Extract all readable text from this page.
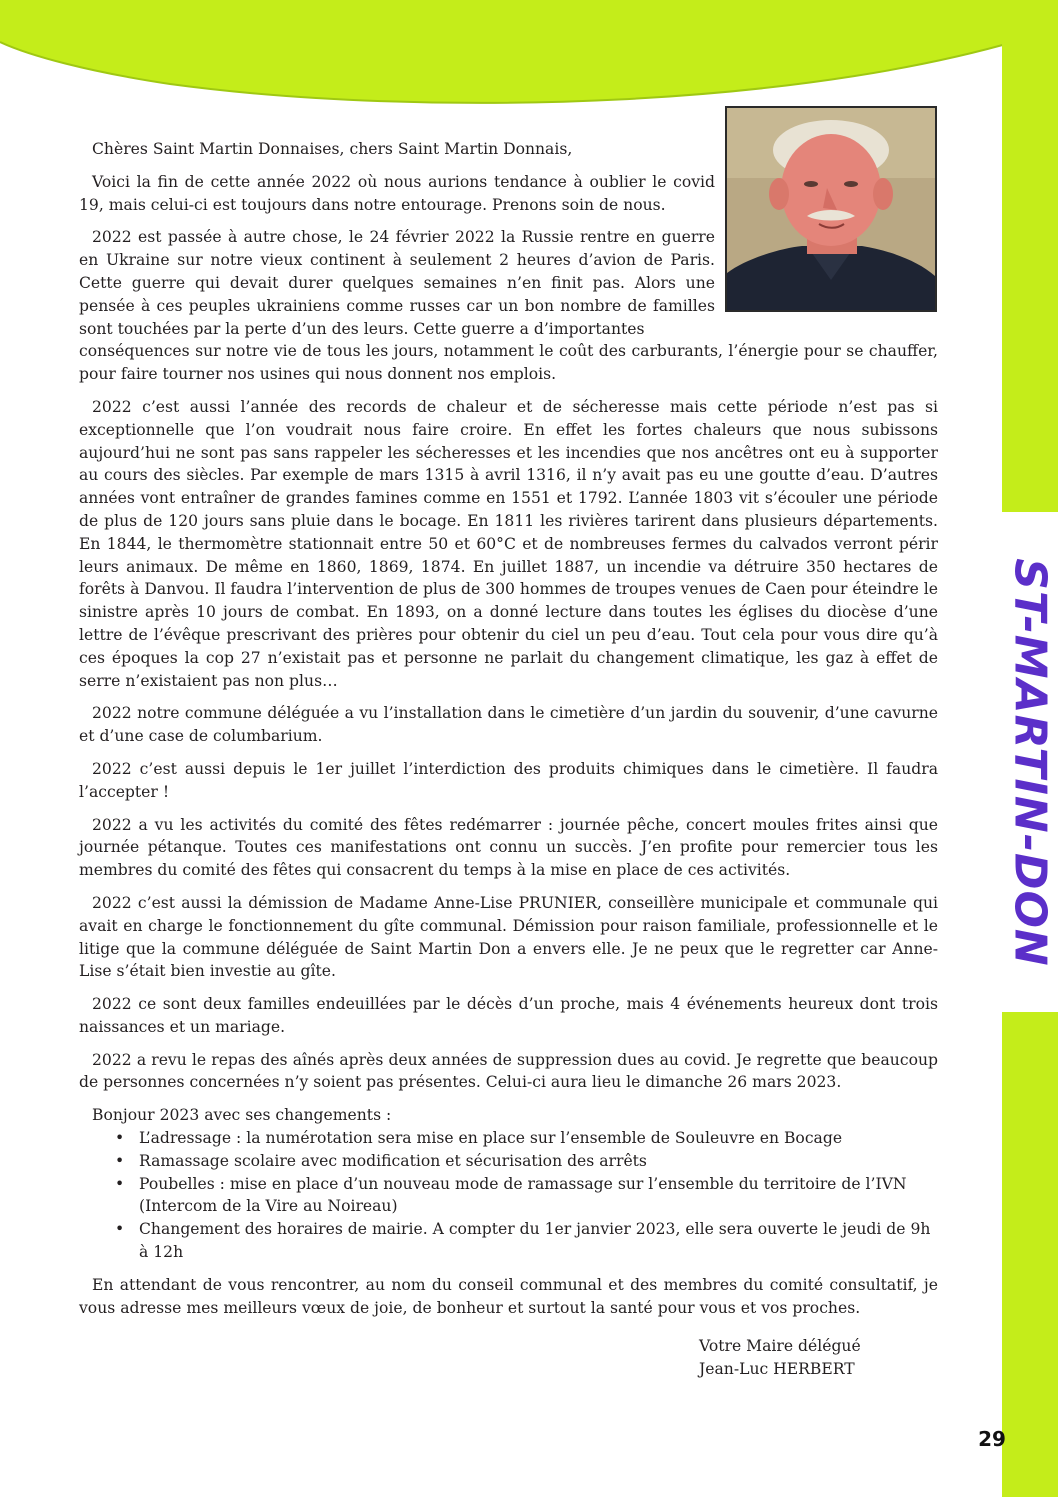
ST-MARTIN-DON

Chères Saint Martin Donnaises, chers Saint Martin Donnais,

Voici la fin de cette année 2022 où nous aurions tendance à oublier le covid 19, mais celui-ci est toujours dans notre entourage. Prenons soin de nous.

2022 est passée à autre chose, le 24 février 2022 la Russie rentre en guerre en Ukraine sur notre vieux continent à seulement 2 heures d’avion de Paris. Cette guerre qui devait durer quelques semaines n’en finit pas. Alors une pensée à ces peuples ukrainiens comme russes car un bon nombre de familles sont touchées par la perte d’un des leurs. Cette guerre a d’importantes
conséquences sur notre vie de tous les jours, notamment le coût des carburants, l’énergie pour se chauffer, pour faire tourner nos usines qui nous donnent nos emplois.

2022 c’est aussi l’année des records de chaleur et de sécheresse mais cette période n’est pas si exceptionnelle que l’on voudrait nous faire croire. En effet les fortes chaleurs que nous subissons aujourd’hui ne sont pas sans rappeler les sécheresses et les incendies que nos ancêtres ont eu à supporter au cours des siècles. Par exemple de mars 1315 à avril 1316, il n’y avait pas eu une goutte d’eau. D’autres années vont entraîner de grandes famines comme en 1551 et 1792. L’année 1803 vit s’écouler une période de plus de 120 jours sans pluie dans le bocage. En 1811 les rivières tarirent dans plusieurs départements. En 1844, le thermomètre stationnait entre 50 et 60°C et de nombreuses fermes du calvados verront périr leurs animaux. De même en 1860, 1869, 1874. En juillet 1887, un incendie va détruire 350 hectares de forêts à Danvou. Il faudra l’intervention de plus de 300 hommes de troupes venues de Caen pour éteindre le sinistre après 10 jours de combat. En 1893, on a donné lecture dans toutes les églises du diocèse d’une lettre de l’évêque prescrivant des prières pour obtenir du ciel un peu d’eau. Tout cela pour vous dire qu’à ces époques la cop 27 n’existait pas et personne ne parlait du changement climatique, les gaz à effet de serre n’existaient pas non plus…

2022 notre commune déléguée a vu l’installation dans le cimetière d’un jardin du souvenir, d’une cavurne et d’une case de columbarium.

2022 c’est aussi depuis le 1er juillet l’interdiction des produits chimiques dans le cimetière. Il faudra l’accepter !

2022 a vu les activités du comité des fêtes redémarrer : journée pêche, concert moules frites ainsi que journée pétanque. Toutes ces manifestations ont connu un succès. J’en profite pour remercier tous les membres du comité des fêtes qui consacrent du temps à la mise en place de ces activités.

2022 c’est aussi la démission de Madame Anne-Lise PRUNIER, conseillère municipale et communale qui avait en charge le fonctionnement du gîte communal. Démission pour raison familiale, professionnelle et le litige que la commune déléguée de Saint Martin Don a envers elle. Je ne peux que le regretter car Anne-Lise s’était bien investie au gîte.

2022 ce sont deux familles endeuillées par le décès d’un proche, mais 4 événements heureux dont trois naissances et un mariage.

2022 a revu le repas des aînés après deux années de suppression dues au covid. Je regrette que beaucoup de personnes concernées n’y soient pas présentes. Celui-ci aura lieu le dimanche 26 mars 2023.

Bonjour 2023 avec ses changements :

• L’adressage : la numérotation sera mise en place sur l’ensemble de Souleuvre en Bocage
• Ramassage scolaire avec modification et sécurisation des arrêts
• Poubelles : mise en place d’un nouveau mode de ramassage sur l’ensemble du territoire de l’IVN (Intercom de la Vire au Noireau)
• Changement des horaires de mairie. A compter du 1er janvier 2023, elle sera ouverte le jeudi de 9h à 12h

En attendant de vous rencontrer, au nom du conseil communal et des membres du comité consultatif, je vous adresse mes meilleurs vœux de joie, de bonheur et surtout la santé pour vous et vos proches.

Votre Maire délégué
Jean-Luc HERBERT
29
